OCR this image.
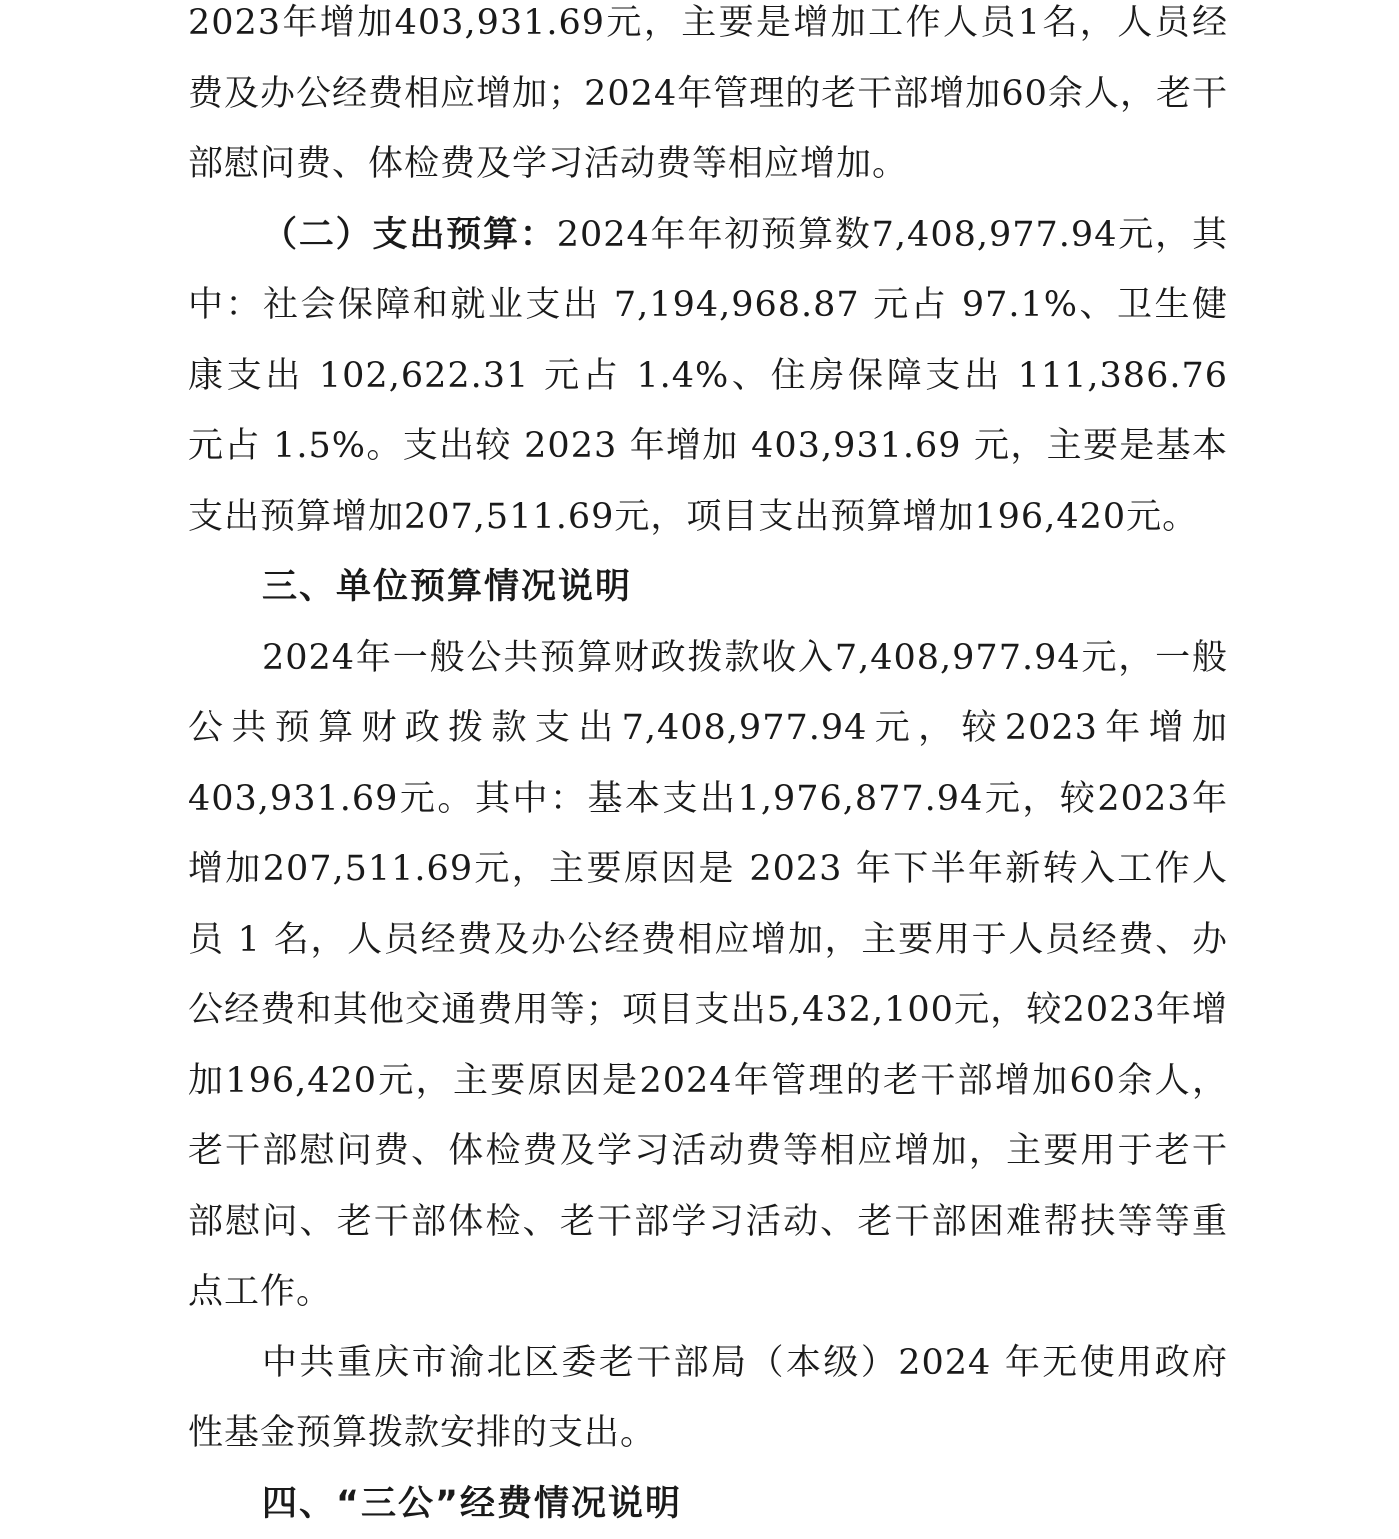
2023年增加403,931.69元，主要是增加工作人员1名，人员经费及办公经费相应增加；2024年管理的老干部增加60余人，老干部慰问费、体检费及学习活动费等相应增加。

（二）支出预算：2024年年初预算数7,408,977.94元，其中：社会保障和就业支出 7,194,968.87 元占 97.1%、卫生健康支出 102,622.31 元占 1.4%、住房保障支出 111,386.76 元占 1.5%。支出较 2023 年增加 403,931.69 元，主要是基本支出预算增加207,511.69元，项目支出预算增加196,420元。

三、单位预算情况说明

2024年一般公共预算财政拨款收入7,408,977.94元，一般公共预算财政拨款支出7,408,977.94元，较2023年增加403,931.69元。其中：基本支出1,976,877.94元，较2023年增加207,511.69元，主要原因是 2023 年下半年新转入工作人员 1 名，人员经费及办公经费相应增加，主要用于人员经费、办公经费和其他交通费用等；项目支出5,432,100元，较2023年增加196,420元，主要原因是2024年管理的老干部增加60余人，老干部慰问费、体检费及学习活动费等相应增加，主要用于老干部慰问、老干部体检、老干部学习活动、老干部困难帮扶等等重点工作。

中共重庆市渝北区委老干部局（本级）2024 年无使用政府性基金预算拨款安排的支出。

四、“三公”经费情况说明
